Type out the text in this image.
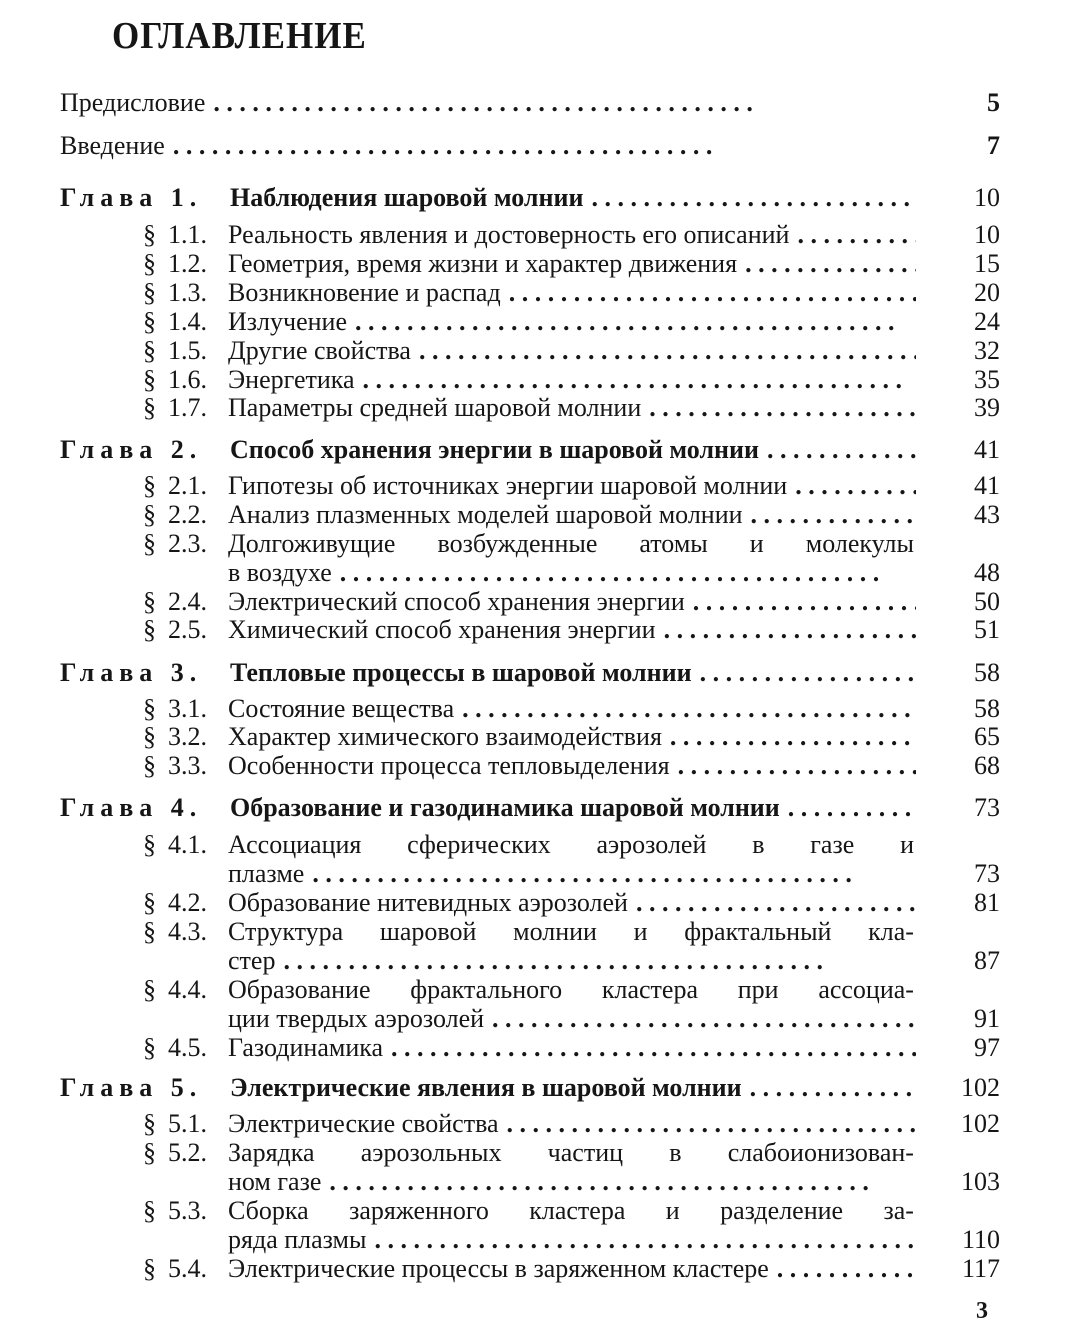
ОГЛАВЛЕНИЕ
Предисловие .	5
Введение .	7
Глава 1. Наблюдения шаровой молнии .	10
§ 1.1. Реальность явления и достоверность его описаний .	10
§ 1.2. Геометрия, время жизни и характер движения .	15
§ 1.3. Возникновение и распад .	20
§ 1.4. Излучение .	24
§ 1.5. Другие свойства .	32
§ 1.6. Энергетика .	35
§ 1.7. Параметры средней шаровой молнии .	39
Глава 2. Способ хранения энергии в шаровой молнии .	41
§ 2.1. Гипотезы об источниках энергии шаровой молнии .	41
§ 2.2. Анализ плазменных моделей шаровой молнии .	43
§ 2.3. Долгоживущие возбужденные атомы и молекулы
в воздухе .	48
§ 2.4. Электрический способ хранения энергии .	50
§ 2.5. Химический способ хранения энергии .	51
Глава 3. Тепловые процессы в шаровой молнии .	58
§ 3.1. Состояние вещества .	58
§ 3.2. Характер химического взаимодействия .	65
§ 3.3. Особенности процесса тепловыделения .	68
Глава 4. Образование и газодинамика шаровой молнии .	73
§ 4.1. Ассоциация сферических аэрозолей в газе и
плазме .	73
§ 4.2. Образование нитевидных аэрозолей .	81
§ 4.3. Структура шаровой молнии и фрактальный кла-
стер .	87
§ 4.4. Образование фрактального кластера при ассоциа-
ции твердых аэрозолей .	91
§ 4.5. Газодинамика .	97
Глава 5. Электрические явления в шаровой молнии .	102
§ 5.1. Электрические свойства .	102
§ 5.2. Зарядка аэрозольных частиц в слабоионизован-
ном газе .	103
§ 5.3. Сборка заряженного кластера и разделение за-
ряда плазмы .	110
§ 5.4. Электрические процессы в заряженном кластере .	117
3
